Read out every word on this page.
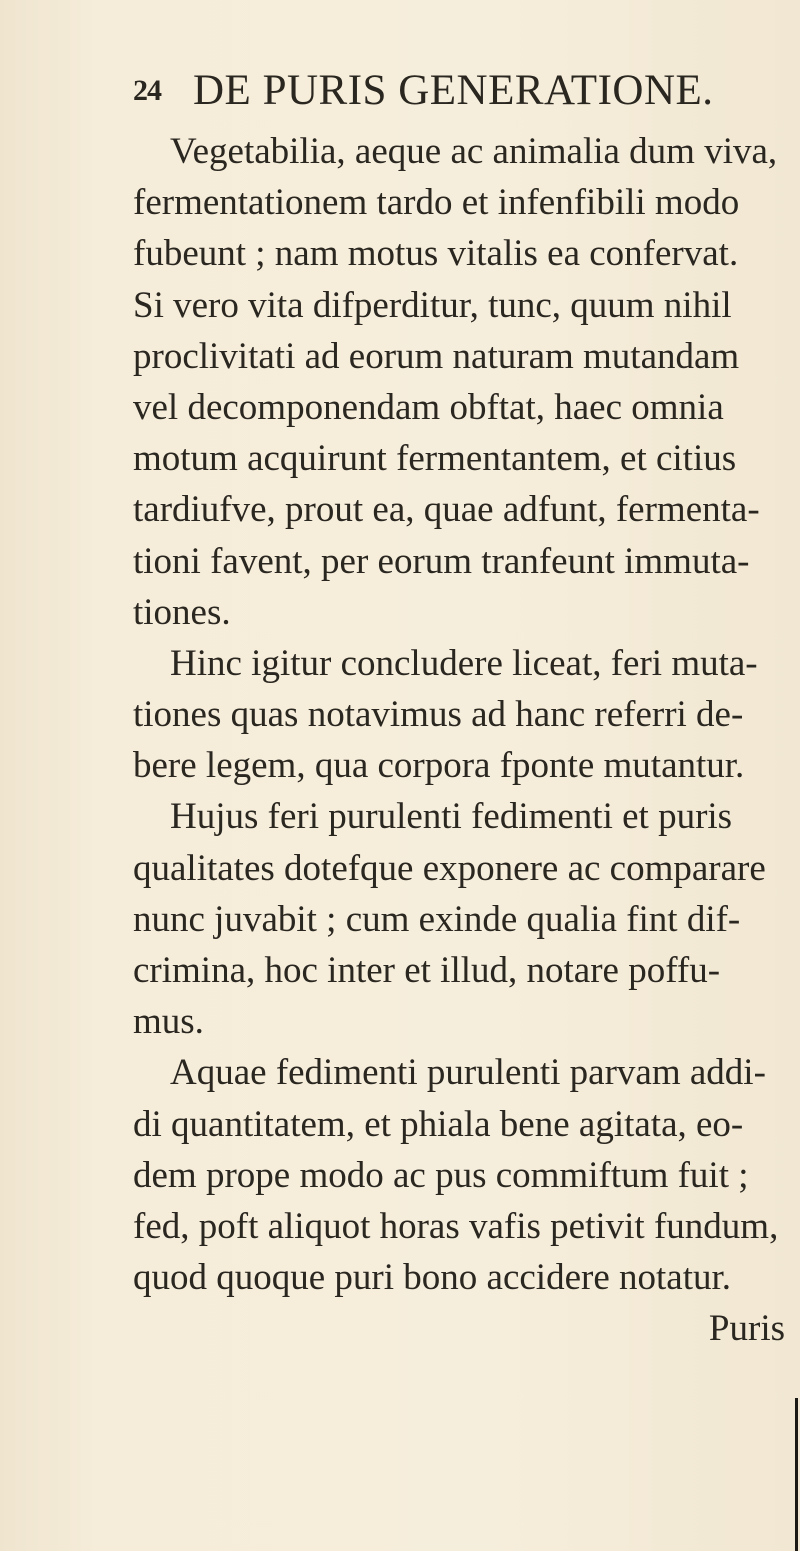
24 DE PURIS GENERATIONE.
Vegetabilia, aeque ac animalia dum viva,
fermentationem tardo et infenfibili modo
fubeunt ; nam motus vitalis ea confervat.
Si vero vita difperditur, tunc, quum nihil
proclivitati ad eorum naturam mutandam
vel decomponendam obftat, haec omnia
motum acquirunt fermentantem, et citius
tardiufve, prout ea, quae adfunt, fermenta-
tioni favent, per eorum tranfeunt immuta-
tiones.
Hinc igitur concludere liceat, feri muta-
tiones quas notavimus ad hanc referri de-
bere legem, qua corpora fponte mutantur.
Hujus feri purulenti fedimenti et puris
qualitates dotefque exponere ac comparare
nunc juvabit ; cum exinde qualia fint dif-
crimina, hoc inter et illud, notare poffu-
mus.
Aquae fedimenti purulenti parvam addi-
di quantitatem, et phiala bene agitata, eo-
dem prope modo ac pus commiftum fuit ;
fed, poft aliquot horas vafis petivit fundum,
quod quoque puri bono accidere notatur.
Puris
